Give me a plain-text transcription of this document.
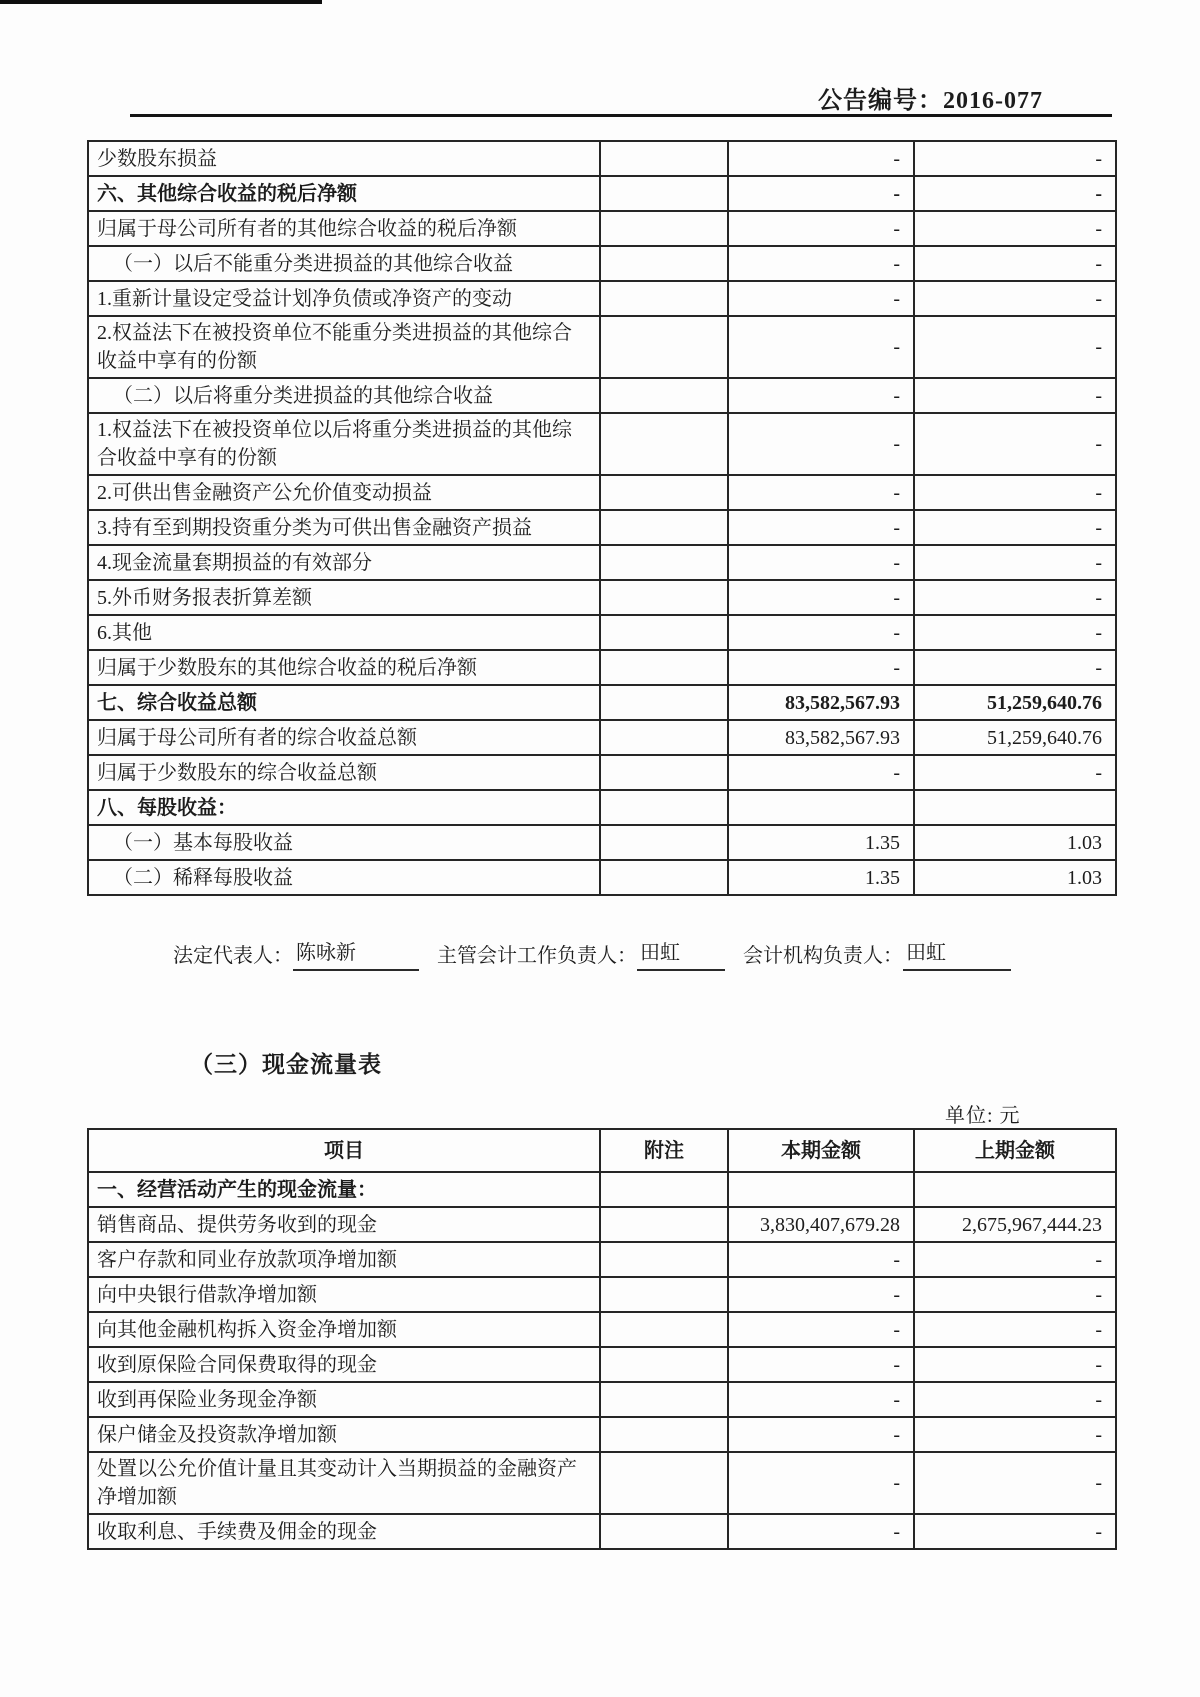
公告编号：2016-077
少数股东损益		-	-
六、其他综合收益的税后净额		-	-
归属于母公司所有者的其他综合收益的税后净额		-	-
（一）以后不能重分类进损益的其他综合收益		-	-
1.重新计量设定受益计划净负债或净资产的变动		-	-
2.权益法下在被投资单位不能重分类进损益的其他综合收益中享有的份额		-	-
（二）以后将重分类进损益的其他综合收益		-	-
1.权益法下在被投资单位以后将重分类进损益的其他综合收益中享有的份额		-	-
2.可供出售金融资产公允价值变动损益		-	-
3.持有至到期投资重分类为可供出售金融资产损益		-	-
4.现金流量套期损益的有效部分		-	-
5.外币财务报表折算差额		-	-
6.其他		-	-
归属于少数股东的其他综合收益的税后净额		-	-
七、综合收益总额		83,582,567.93	51,259,640.76
归属于母公司所有者的综合收益总额		83,582,567.93	51,259,640.76
归属于少数股东的综合收益总额		-	-
八、每股收益：			
（一）基本每股收益		1.35	1.03
（二）稀释每股收益		1.35	1.03
法定代表人： 陈咏新	主管会计工作负责人： 田虹	会计机构负责人： 田虹
（三）现金流量表
单位: 元
项目	附注	本期金额	上期金额
一、经营活动产生的现金流量：			
销售商品、提供劳务收到的现金		3,830,407,679.28	2,675,967,444.23
客户存款和同业存放款项净增加额		-	-
向中央银行借款净增加额		-	-
向其他金融机构拆入资金净增加额		-	-
收到原保险合同保费取得的现金		-	-
收到再保险业务现金净额		-	-
保户储金及投资款净增加额		-	-
处置以公允价值计量且其变动计入当期损益的金融资产净增加额		-	-
收取利息、手续费及佣金的现金		-	-
